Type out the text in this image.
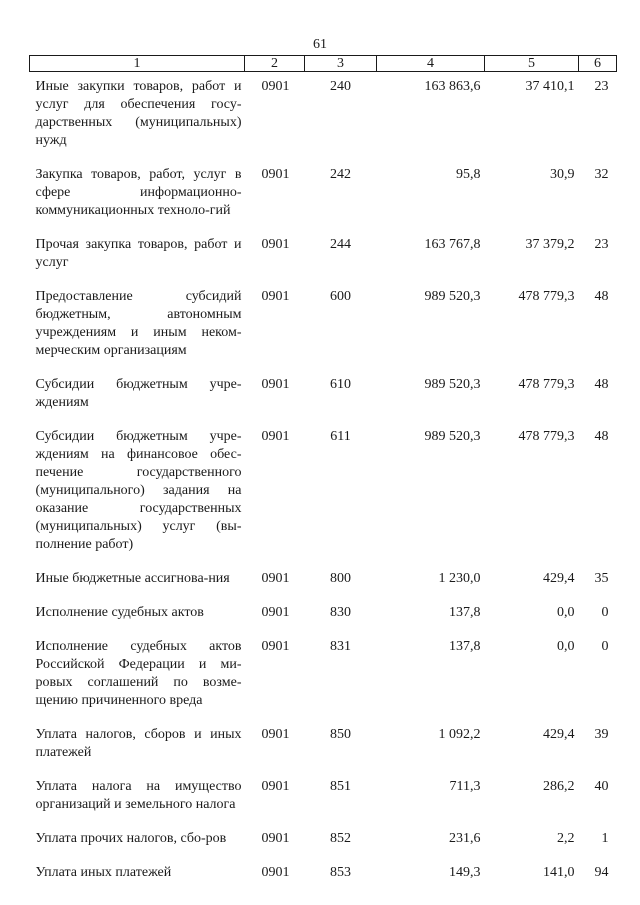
61
1	2	3	4	5	6
Иные закупки товаров, работ и услуг для обеспечения госу-дарственных (муниципальных) нужд	0901	240	163 863,6	37 410,1	23
Закупка товаров, работ, услуг в сфере информационно-коммуникационных техноло-гий	0901	242	95,8	30,9	32
Прочая закупка товаров, работ и услуг	0901	244	163 767,8	37 379,2	23
Предоставление субсидий бюджетным, автономным учреждениям и иным неком-мерческим организациям	0901	600	989 520,3	478 779,3	48
Субсидии бюджетным учре-ждениям	0901	610	989 520,3	478 779,3	48
Субсидии бюджетным учре-ждениям на финансовое обес-печение государственного (муниципального) задания на оказание государственных (муниципальных) услуг (вы-полнение работ)	0901	611	989 520,3	478 779,3	48
Иные бюджетные ассигнова-ния	0901	800	1 230,0	429,4	35
Исполнение судебных актов	0901	830	137,8	0,0	0
Исполнение судебных актов Российской Федерации и ми-ровых соглашений по возме-щению причиненного вреда	0901	831	137,8	0,0	0
Уплата налогов, сборов и иных платежей	0901	850	1 092,2	429,4	39
Уплата налога на имущество организаций и земельного налога	0901	851	711,3	286,2	40
Уплата прочих налогов, сбо-ров	0901	852	231,6	2,2	1
Уплата иных платежей	0901	853	149,3	141,0	94
